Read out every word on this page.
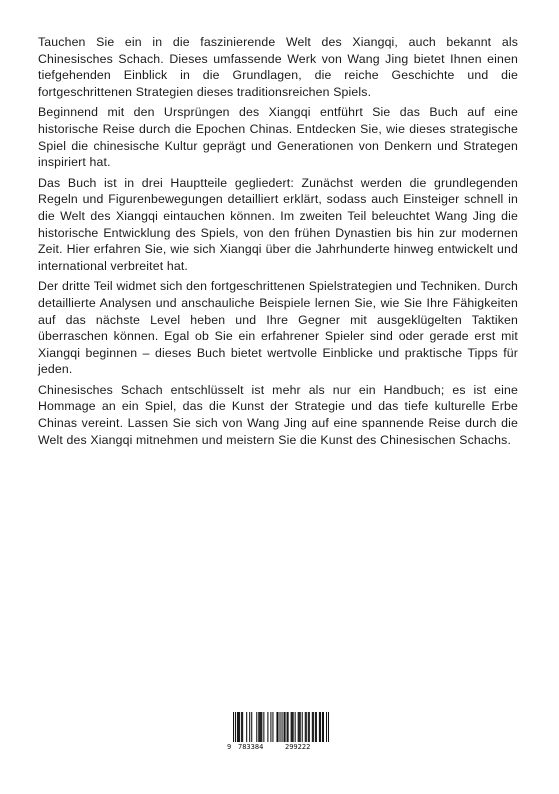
Tauchen Sie ein in die faszinierende Welt des Xiangqi, auch bekannt als Chinesisches Schach. Dieses umfassende Werk von Wang Jing bietet Ihnen einen tiefgehenden Einblick in die Grundlagen, die reiche Geschichte und die fortgeschrittenen Strategien dieses traditionsreichen Spiels.

Beginnend mit den Ursprüngen des Xiangqi entführt Sie das Buch auf eine historische Reise durch die Epochen Chinas. Entdecken Sie, wie dieses strategische Spiel die chinesische Kultur geprägt und Generationen von Denkern und Strategen inspiriert hat.

Das Buch ist in drei Hauptteile gegliedert: Zunächst werden die grundlegenden Regeln und Figurenbewegungen detailliert erklärt, sodass auch Einsteiger schnell in die Welt des Xiangqi eintauchen können. Im zweiten Teil beleuchtet Wang Jing die historische Entwicklung des Spiels, von den frühen Dynastien bis hin zur modernen Zeit. Hier erfahren Sie, wie sich Xiangqi über die Jahrhunderte hinweg entwickelt und international verbreitet hat.

Der dritte Teil widmet sich den fortgeschrittenen Spielstrategien und Techniken. Durch detaillierte Analysen und anschauliche Beispiele lernen Sie, wie Sie Ihre Fähigkeiten auf das nächste Level heben und Ihre Gegner mit ausgeklügelten Taktiken überraschen können. Egal ob Sie ein erfahrener Spieler sind oder gerade erst mit Xiangqi beginnen – dieses Buch bietet wertvolle Einblicke und praktische Tipps für jeden.

Chinesisches Schach entschlüsselt ist mehr als nur ein Handbuch; es ist eine Hommage an ein Spiel, das die Kunst der Strategie und das tiefe kulturelle Erbe Chinas vereint. Lassen Sie sich von Wang Jing auf eine spannende Reise durch die Welt des Xiangqi mitnehmen und meistern Sie die Kunst des Chinesischen Schachs.

9 783384	299222
